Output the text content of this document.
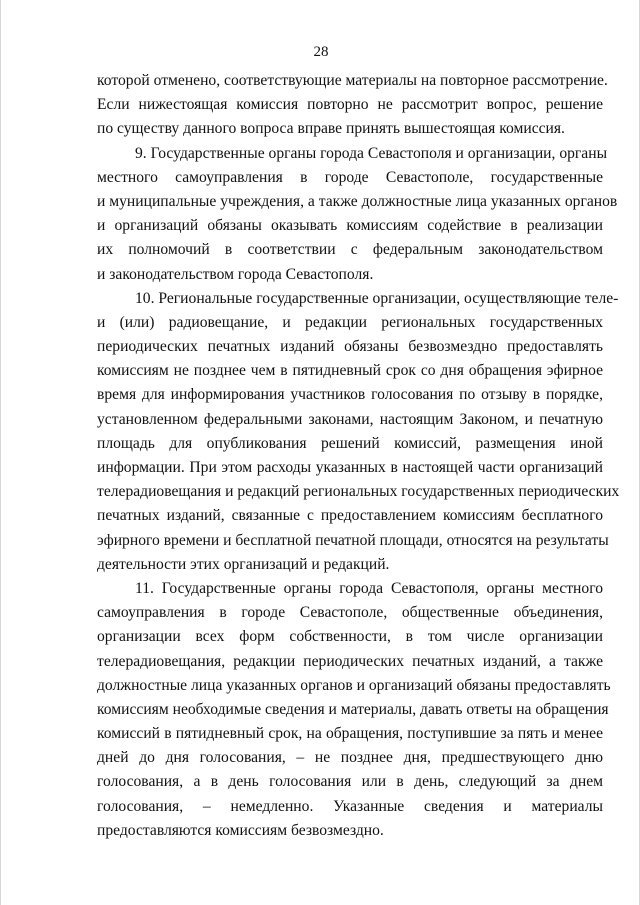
28
которой отменено, соответствующие материалы на повторное рассмотрение.
Если нижестоящая комиссия повторно не рассмотрит вопрос, решение
по существу данного вопроса вправе принять вышестоящая комиссия.
9. Государственные органы города Севастополя и организации, органы
местного самоуправления в городе Севастополе, государственные
и муниципальные учреждения, а также должностные лица указанных органов
и организаций обязаны оказывать комиссиям содействие в реализации
их полномочий в соответствии с федеральным законодательством
и законодательством города Севастополя.
10. Региональные государственные организации, осуществляющие теле-
и (или) радиовещание, и редакции региональных государственных
периодических печатных изданий обязаны безвозмездно предоставлять
комиссиям не позднее чем в пятидневный срок со дня обращения эфирное
время для информирования участников голосования по отзыву в порядке,
установленном федеральными законами, настоящим Законом, и печатную
площадь для опубликования решений комиссий, размещения иной
информации. При этом расходы указанных в настоящей части организаций
телерадиовещания и редакций региональных государственных периодических
печатных изданий, связанные с предоставлением комиссиям бесплатного
эфирного времени и бесплатной печатной площади, относятся на результаты
деятельности этих организаций и редакций.
11. Государственные органы города Севастополя, органы местного
самоуправления в городе Севастополе, общественные объединения,
организации всех форм собственности, в том числе организации
телерадиовещания, редакции периодических печатных изданий, а также
должностные лица указанных органов и организаций обязаны предоставлять
комиссиям необходимые сведения и материалы, давать ответы на обращения
комиссий в пятидневный срок, на обращения, поступившие за пять и менее
дней до дня голосования, – не позднее дня, предшествующего дню
голосования, а в день голосования или в день, следующий за днем
голосования, – немедленно. Указанные сведения и материалы
предоставляются комиссиям безвозмездно.
